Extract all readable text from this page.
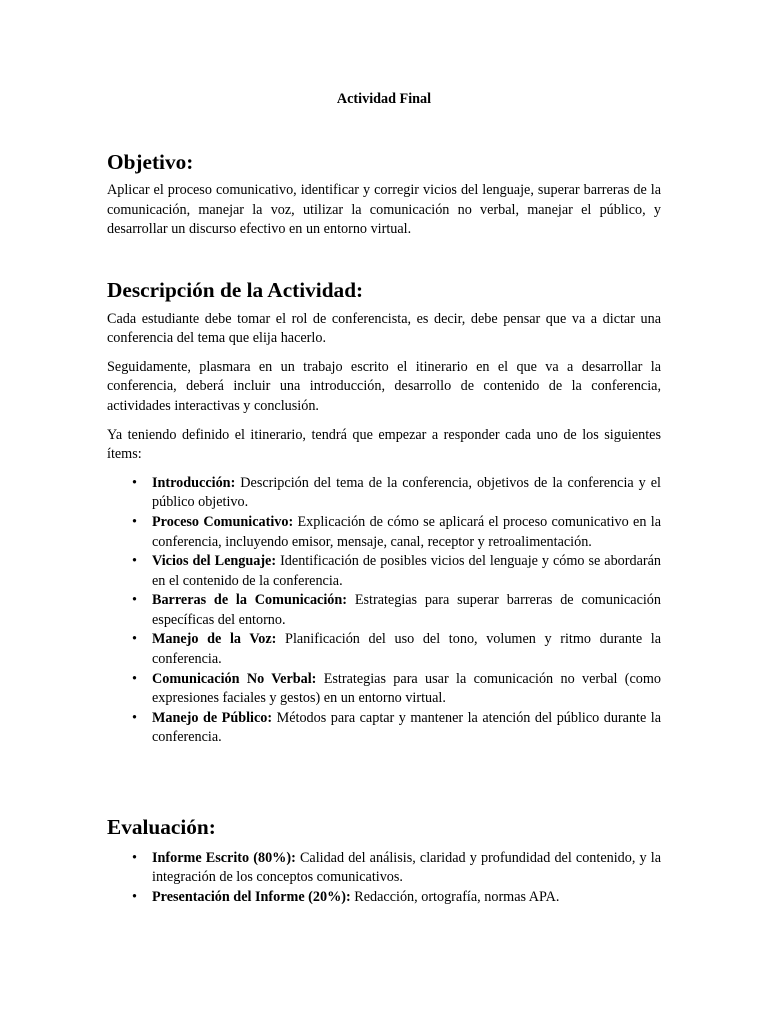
Actividad Final
Objetivo:

Aplicar el proceso comunicativo, identificar y corregir vicios del lenguaje, superar barreras de la comunicación, manejar la voz, utilizar la comunicación no verbal, manejar el público, y desarrollar un discurso efectivo en un entorno virtual.

Descripción de la Actividad:

Cada estudiante debe tomar el rol de conferencista, es decir, debe pensar que va a dictar una conferencia del tema que elija hacerlo.

Seguidamente, plasmara en un trabajo escrito el itinerario en el que va a desarrollar la conferencia, deberá incluir una introducción, desarrollo de contenido de la conferencia, actividades interactivas y conclusión.

Ya teniendo definido el itinerario, tendrá que empezar a responder cada uno de los siguientes ítems:

• Introducción: Descripción del tema de la conferencia, objetivos de la conferencia y el público objetivo.
• Proceso Comunicativo: Explicación de cómo se aplicará el proceso comunicativo en la conferencia, incluyendo emisor, mensaje, canal, receptor y retroalimentación.
• Vicios del Lenguaje: Identificación de posibles vicios del lenguaje y cómo se abordarán en el contenido de la conferencia.
• Barreras de la Comunicación: Estrategias para superar barreras de comunicación específicas del entorno.
• Manejo de la Voz: Planificación del uso del tono, volumen y ritmo durante la conferencia.
• Comunicación No Verbal: Estrategias para usar la comunicación no verbal (como expresiones faciales y gestos) en un entorno virtual.
• Manejo de Público: Métodos para captar y mantener la atención del público durante la conferencia.
Evaluación:
• Informe Escrito (80%): Calidad del análisis, claridad y profundidad del contenido, y la integración de los conceptos comunicativos.
• Presentación del Informe (20%): Redacción, ortografía, normas APA.
